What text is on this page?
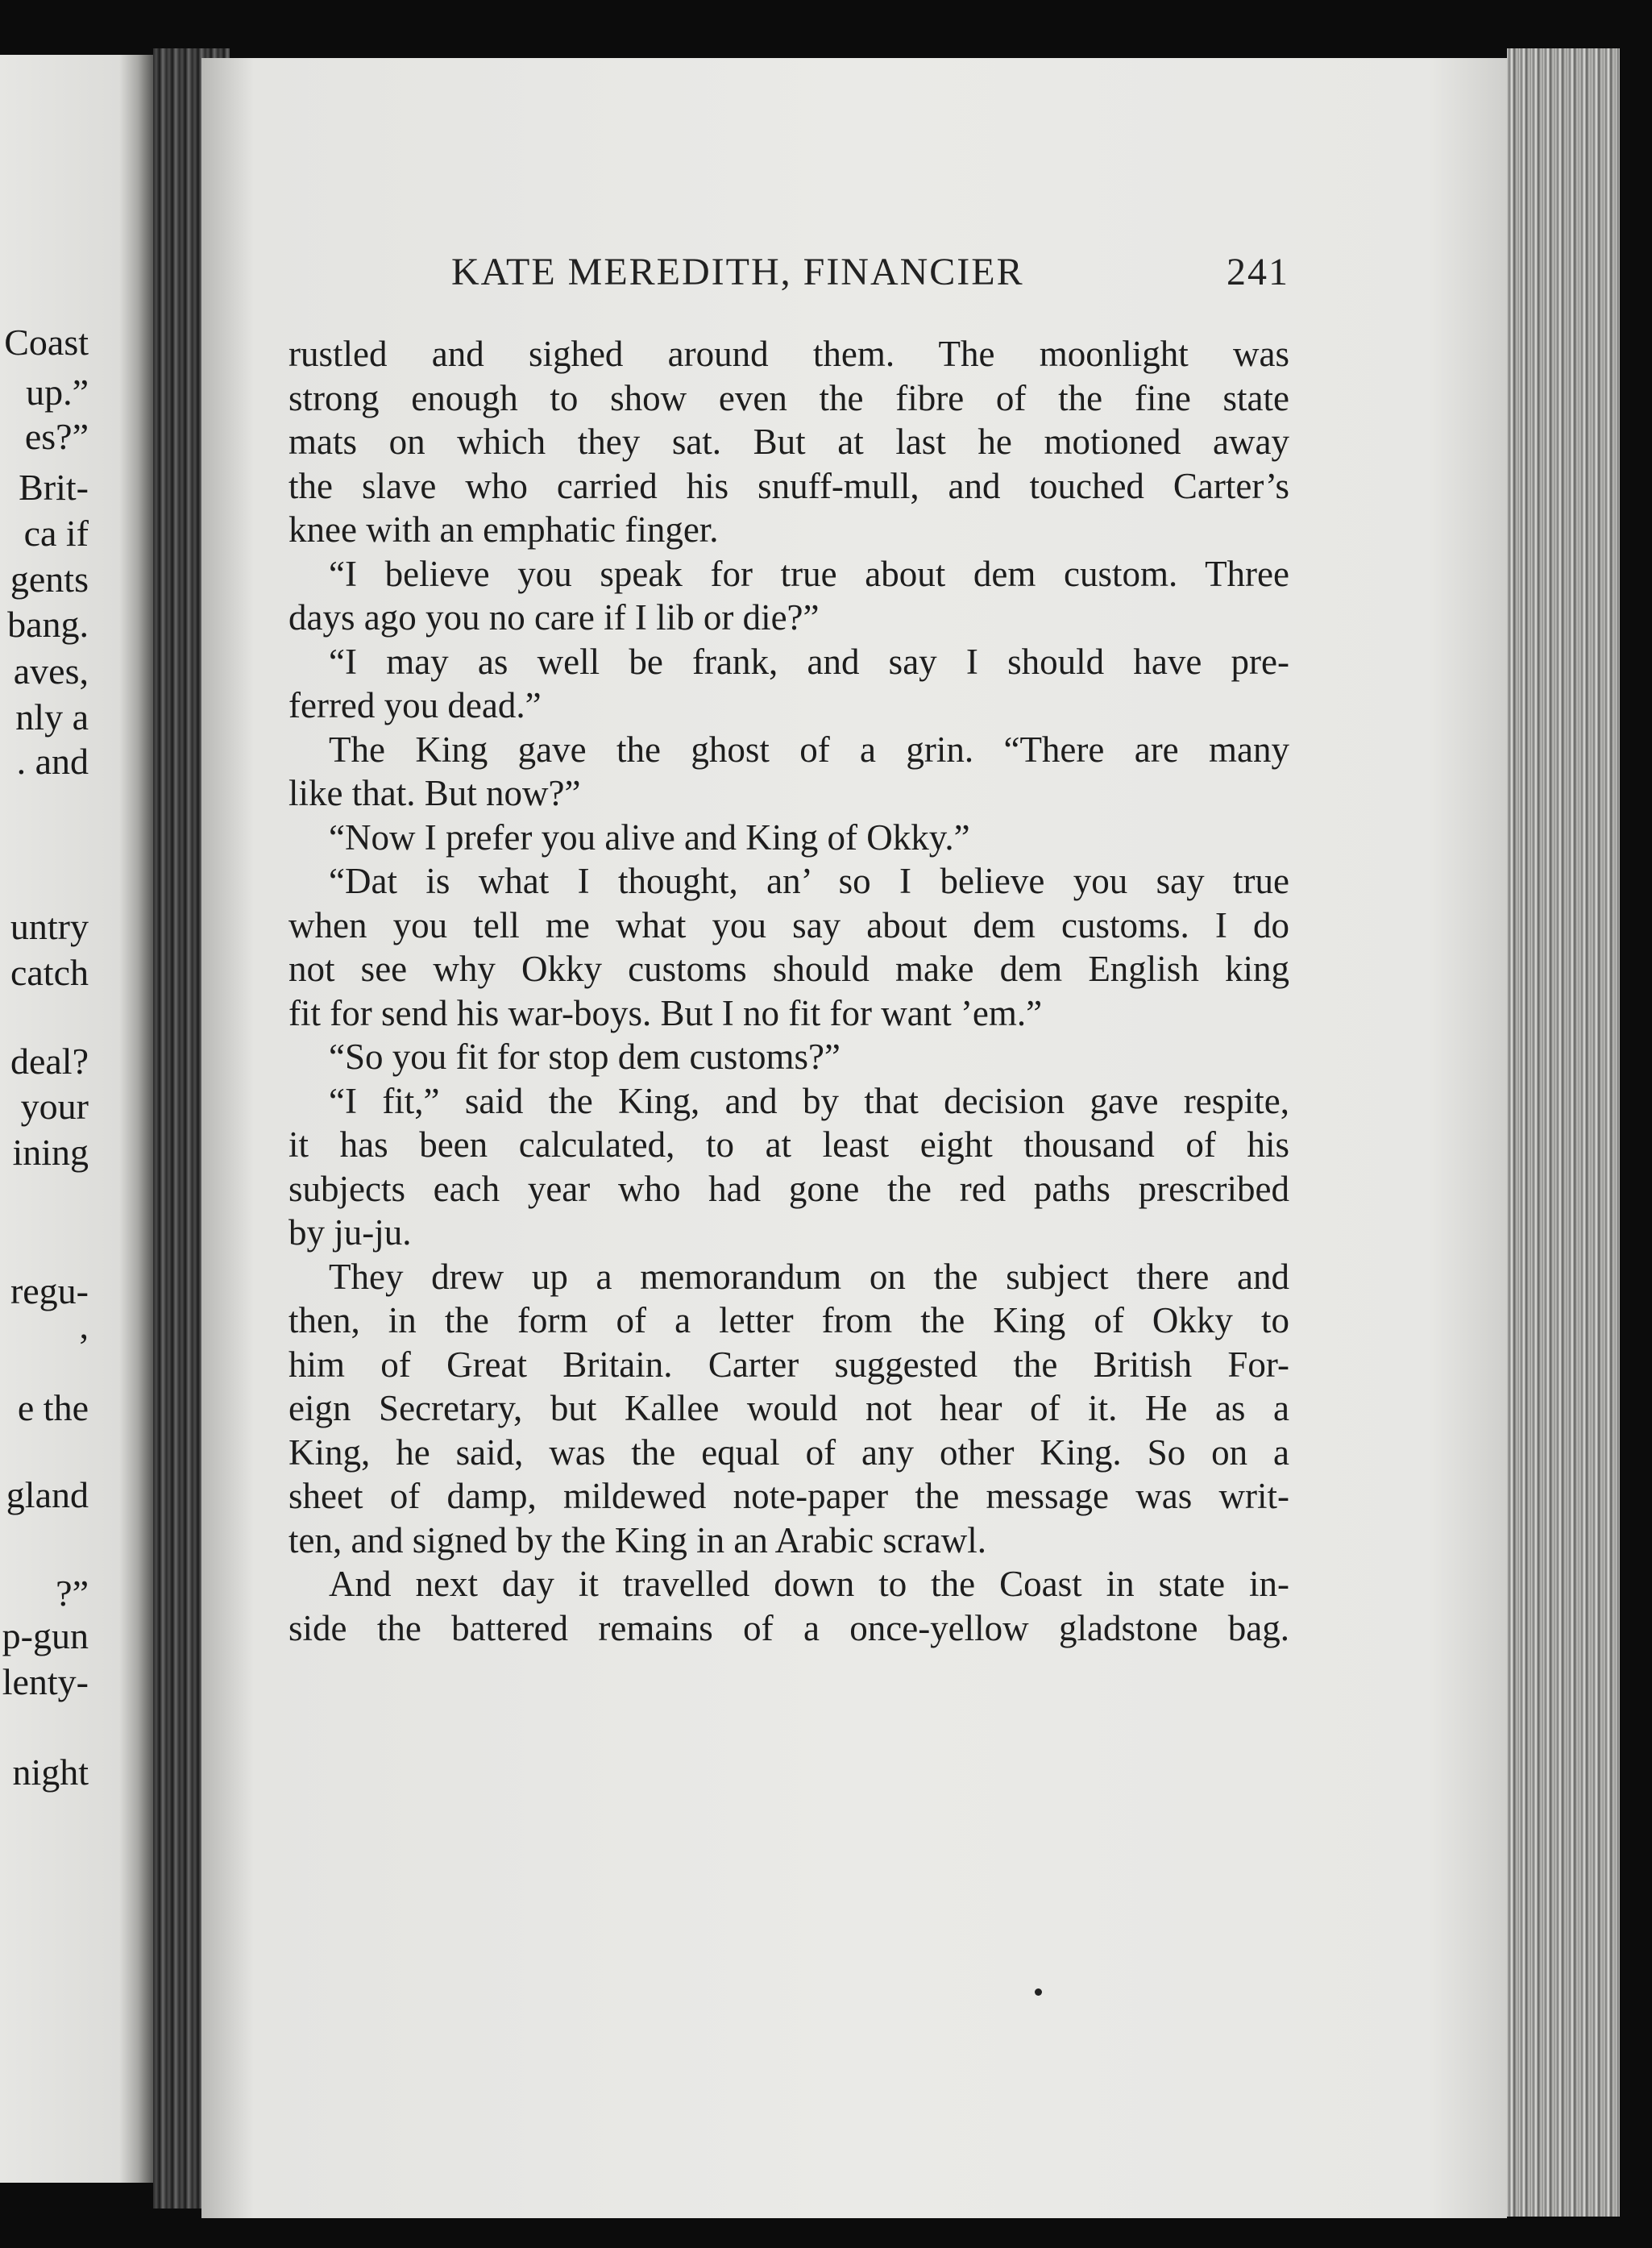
Coast
up.”
es?”
Brit-
ca if
gents
bang.
aves,
nly a
. and
untry
catch
deal?
your
ining
regu-
,
e the
gland
?”
p-gun
lenty-
night
KATE MEREDITH, FINANCIER	241
rustled and sighed around them. The moonlight was
strong enough to show even the fibre of the fine state
mats on which they sat. But at last he motioned away
the slave who carried his snuff-mull, and touched Carter’s
knee with an emphatic finger.
“I believe you speak for true about dem custom. Three
days ago you no care if I lib or die?”
“I may as well be frank, and say I should have pre-
ferred you dead.”
The King gave the ghost of a grin. “There are many
like that. But now?”
“Now I prefer you alive and King of Okky.”
“Dat is what I thought, an’ so I believe you say true
when you tell me what you say about dem customs. I do
not see why Okky customs should make dem English king
fit for send his war-boys. But I no fit for want ’em.”
“So you fit for stop dem customs?”
“I fit,” said the King, and by that decision gave respite,
it has been calculated, to at least eight thousand of his
subjects each year who had gone the red paths prescribed
by ju-ju.
They drew up a memorandum on the subject there and
then, in the form of a letter from the King of Okky to
him of Great Britain. Carter suggested the British For-
eign Secretary, but Kallee would not hear of it. He as a
King, he said, was the equal of any other King. So on a
sheet of damp, mildewed note-paper the message was writ-
ten, and signed by the King in an Arabic scrawl.
And next day it travelled down to the Coast in state in-
side the battered remains of a once-yellow gladstone bag.
